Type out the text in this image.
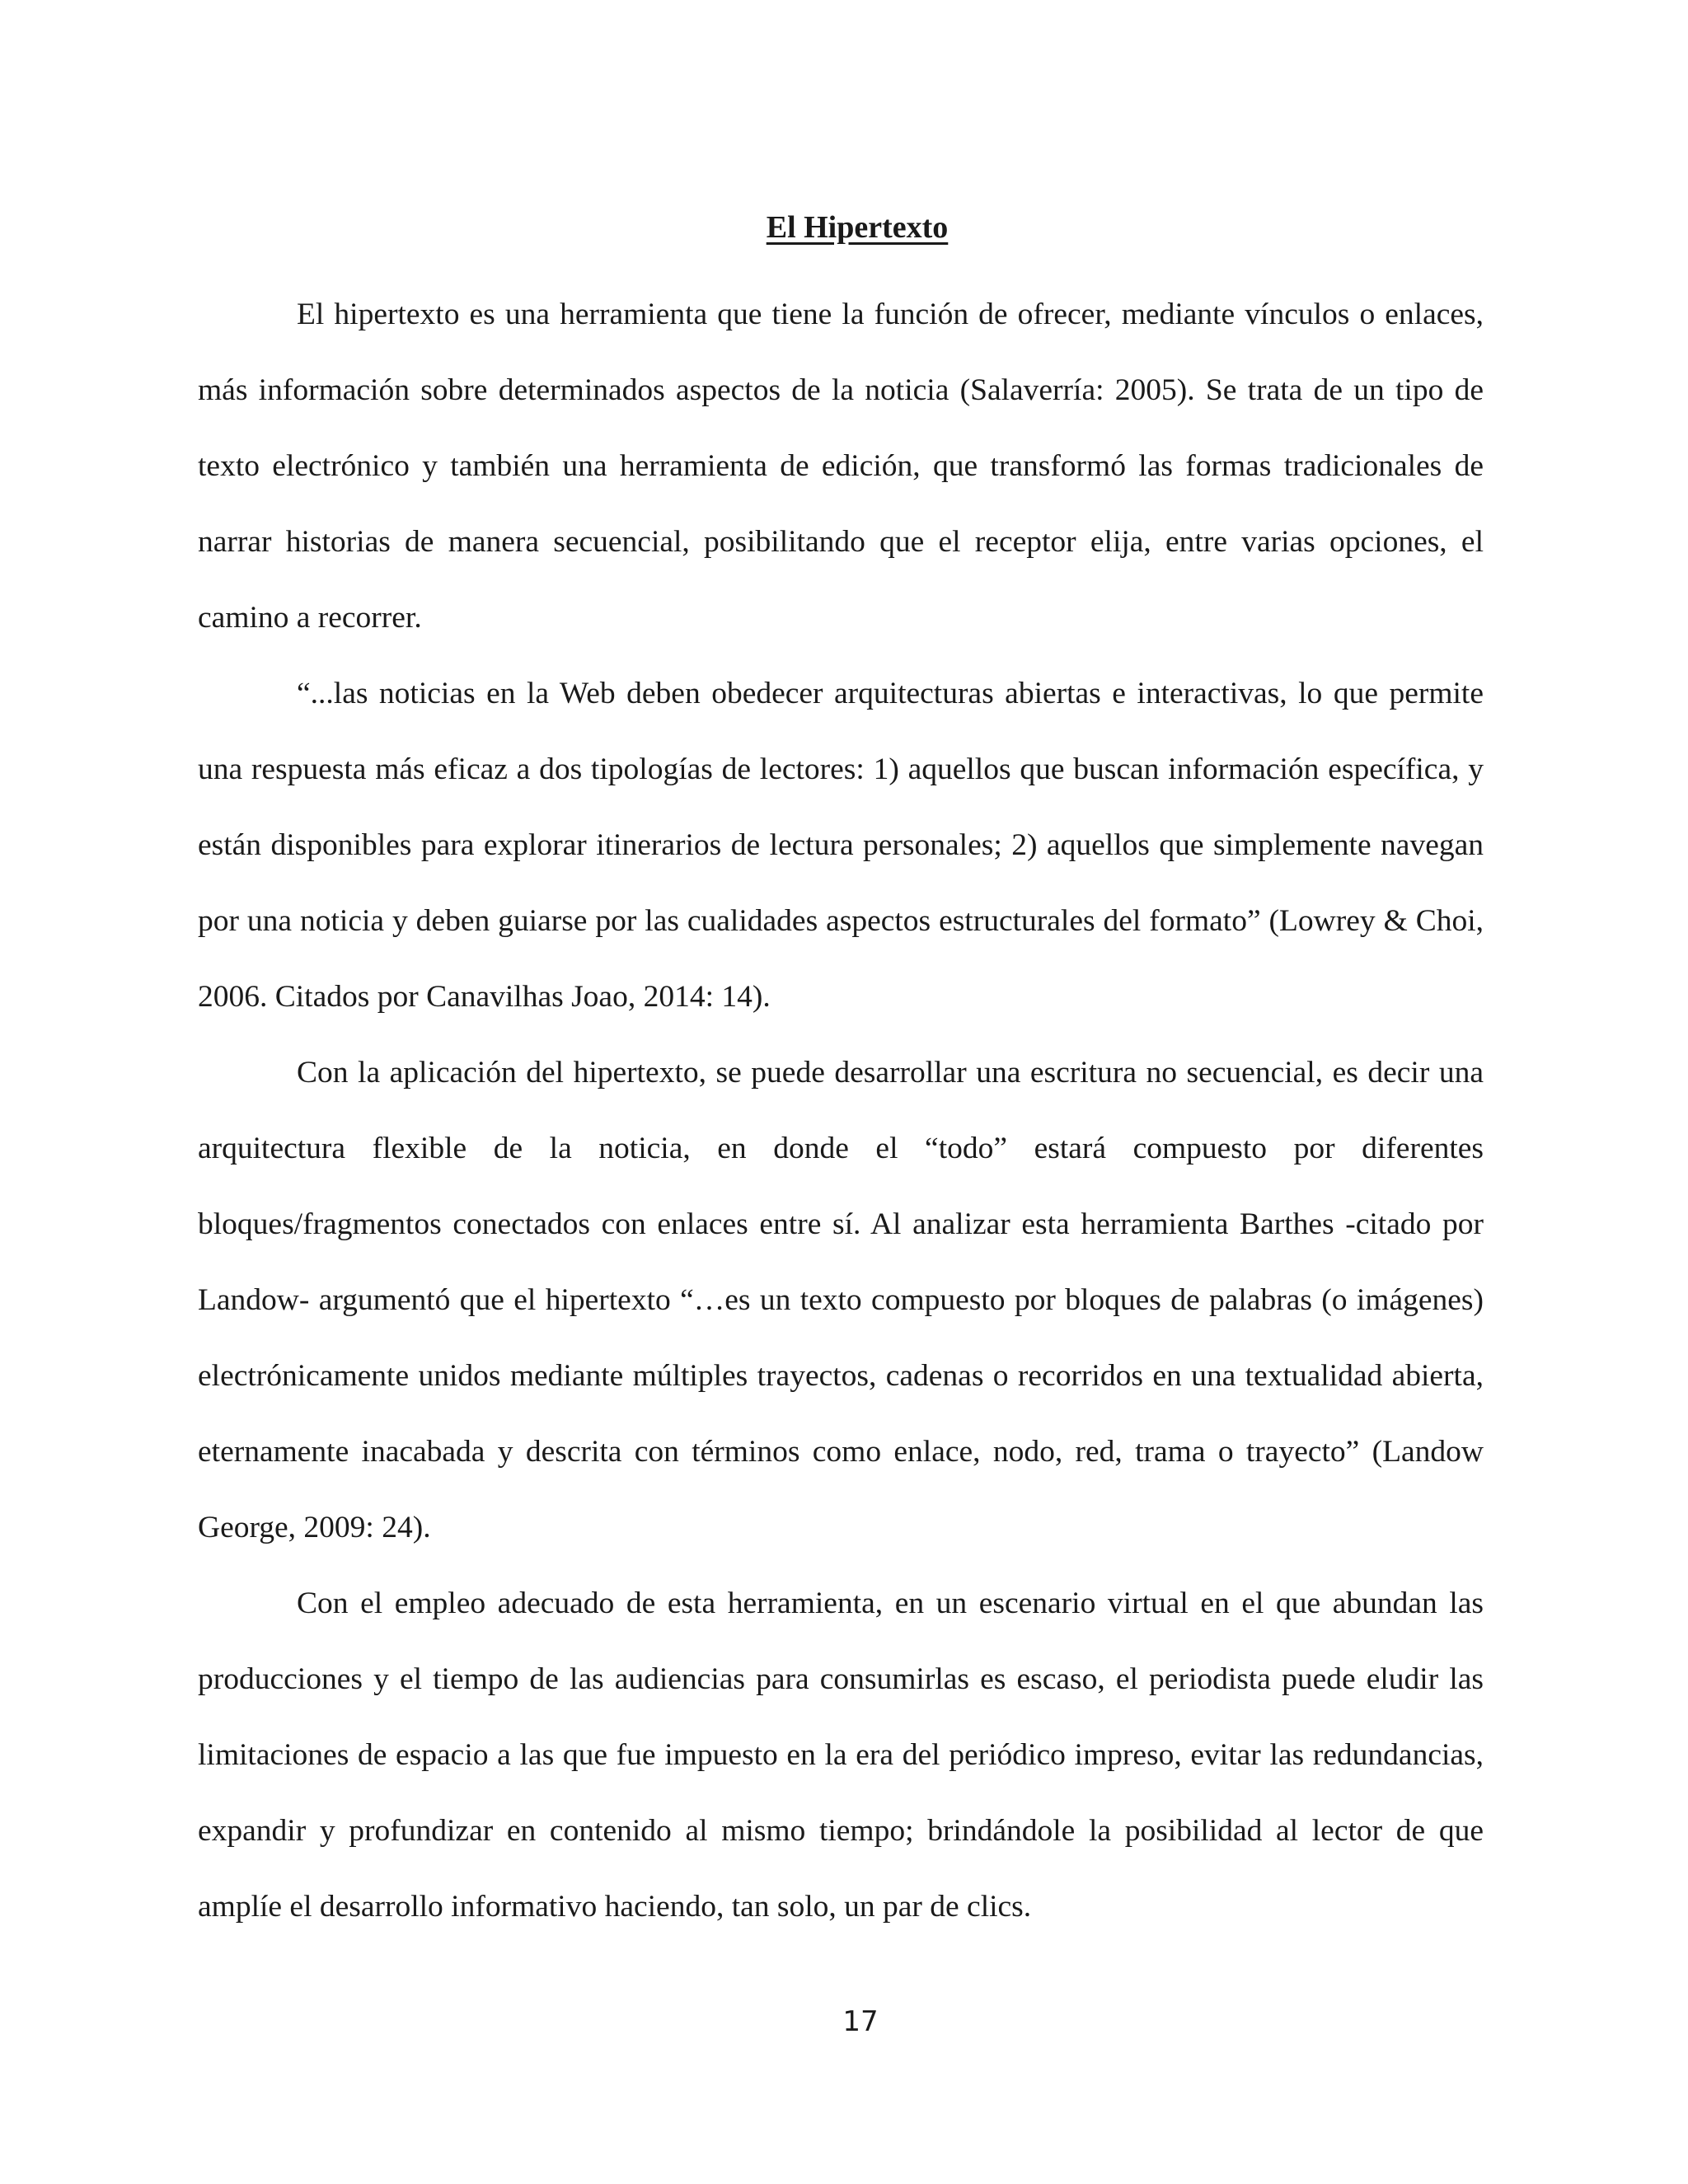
El Hipertexto

El hipertexto es una herramienta que tiene la función de ofrecer, mediante vínculos o enlaces, más información sobre determinados aspectos de la noticia (Salaverría: 2005). Se trata de un tipo de texto electrónico y también una herramienta de edición, que transformó las formas tradicionales de narrar historias de manera secuencial, posibilitando que el receptor elija, entre varias opciones, el camino a recorrer.

“...las noticias en la Web deben obedecer arquitecturas abiertas e interactivas, lo que permite una respuesta más eficaz a dos tipologías de lectores: 1) aquellos que buscan información específica, y están disponibles para explorar itinerarios de lectura personales; 2) aquellos que simplemente navegan por una noticia y deben guiarse por las cualidades aspectos estructurales del formato” (Lowrey & Choi, 2006. Citados por Canavilhas Joao, 2014: 14).

Con la aplicación del hipertexto, se puede desarrollar una escritura no secuencial, es decir una arquitectura flexible de la noticia, en donde el “todo” estará compuesto por diferentes bloques/fragmentos conectados con enlaces entre sí. Al analizar esta herramienta Barthes -citado por Landow- argumentó que el hipertexto “…es un texto compuesto por bloques de palabras (o imágenes) electrónicamente unidos mediante múltiples trayectos, cadenas o recorridos en una textualidad abierta, eternamente inacabada y descrita con términos como enlace, nodo, red, trama o trayecto” (Landow George, 2009: 24).

Con el empleo adecuado de esta herramienta, en un escenario virtual en el que abundan las producciones y el tiempo de las audiencias para consumirlas es escaso, el periodista puede eludir las limitaciones de espacio a las que fue impuesto en la era del periódico impreso, evitar las redundancias, expandir y profundizar en contenido al mismo tiempo; brindándole la posibilidad al lector de que amplíe el desarrollo informativo haciendo, tan solo, un par de clics.

17
